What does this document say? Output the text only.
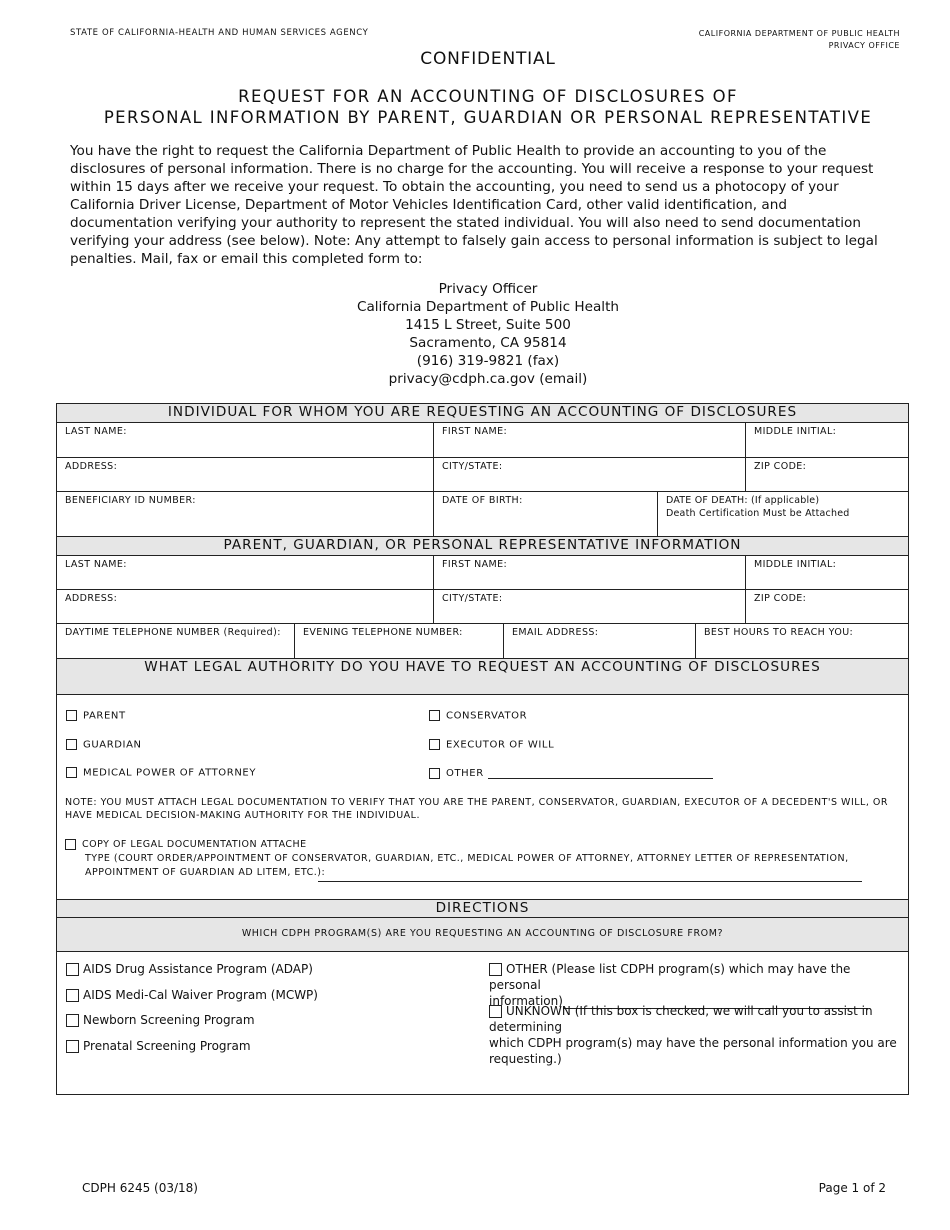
STATE OF CALIFORNIA-HEALTH AND HUMAN SERVICES AGENCY	CALIFORNIA DEPARTMENT OF PUBLIC HEALTH
PRIVACY OFFICE
CONFIDENTIAL
REQUEST FOR AN ACCOUNTING OF DISCLOSURES OF
PERSONAL INFORMATION BY PARENT, GUARDIAN OR PERSONAL REPRESENTATIVE
You have the right to request the California Department of Public Health to provide an accounting to you of the disclosures of personal information. There is no charge for the accounting. You will receive a response to your request within 15 days after we receive your request. To obtain the accounting, you need to send us a photocopy of your California Driver License, Department of Motor Vehicles Identification Card, other valid identification, and documentation verifying your authority to represent the stated individual. You will also need to send documentation verifying your address (see below). Note: Any attempt to falsely gain access to personal information is subject to legal penalties. Mail, fax or email this completed form to:
Privacy Officer
California Department of Public Health
1415 L Street, Suite 500
Sacramento, CA 95814
(916) 319-9821 (fax)
privacy@cdph.ca.gov (email)
INDIVIDUAL FOR WHOM YOU ARE REQUESTING AN ACCOUNTING OF DISCLOSURES
LAST NAME:	FIRST NAME:	MIDDLE INITIAL:
ADDRESS:	CITY/STATE:	ZIP CODE:
BENEFICIARY ID NUMBER:	DATE OF BIRTH:	DATE OF DEATH: (If applicable)
Death Certification Must be Attached
PARENT, GUARDIAN, OR PERSONAL REPRESENTATIVE INFORMATION
LAST NAME:	FIRST NAME:	MIDDLE INITIAL:
ADDRESS:	CITY/STATE:	ZIP CODE:
DAYTIME TELEPHONE NUMBER (Required):	EVENING TELEPHONE NUMBER:	EMAIL ADDRESS:	BEST HOURS TO REACH YOU:
WHAT LEGAL AUTHORITY DO YOU HAVE TO REQUEST AN ACCOUNTING OF DISCLOSURES
PARENT	CONSERVATOR
GUARDIAN	EXECUTOR OF WILL
MEDICAL POWER OF ATTORNEY	OTHER
NOTE: YOU MUST ATTACH LEGAL DOCUMENTATION TO VERIFY THAT YOU ARE THE PARENT, CONSERVATOR, GUARDIAN, EXECUTOR OF A DECEDENT'S WILL, OR HAVE MEDICAL DECISION-MAKING AUTHORITY FOR THE INDIVIDUAL.
COPY OF LEGAL DOCUMENTATION ATTACHE
TYPE (COURT ORDER/APPOINTMENT OF CONSERVATOR, GUARDIAN, ETC., MEDICAL POWER OF ATTORNEY, ATTORNEY LETTER OF REPRESENTATION,
APPOINTMENT OF GUARDIAN AD LITEM, ETC.):
DIRECTIONS
WHICH CDPH PROGRAM(S) ARE YOU REQUESTING AN ACCOUNTING OF DISCLOSURE FROM?
AIDS Drug Assistance Program (ADAP)
AIDS Medi-Cal Waiver Program (MCWP)
Newborn Screening Program
Prenatal Screening Program
OTHER (Please list CDPH program(s) which may have the personal
information)
UNKNOWN (If this box is checked, we will call you to assist in determining
which CDPH program(s) may have the personal information you are requesting.)
CDPH 6245 (03/18)	Page 1 of 2
